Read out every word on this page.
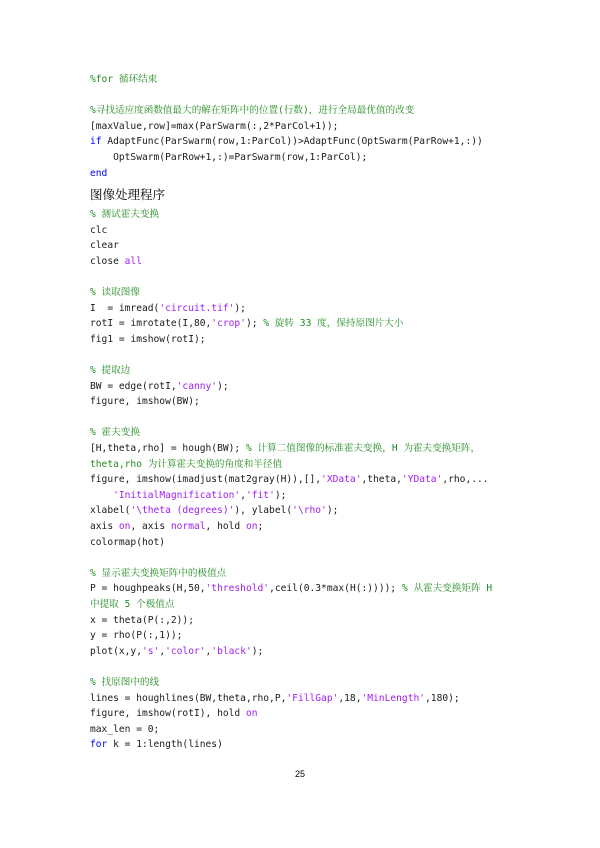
%for 循环结束
%寻找适应度函数值最大的解在矩阵中的位置(行数)，进行全局最优值的改变
[maxValue,row]=max(ParSwarm(:,2*ParCol+1));
if AdaptFunc(ParSwarm(row,1:ParCol))>AdaptFunc(OptSwarm(ParRow+1,:))
OptSwarm(ParRow+1,:)=ParSwarm(row,1:ParCol);
end
图像处理程序
% 测试霍夫变换
clc
clear
close all
% 读取图像
I  = imread('circuit.tif');
rotI = imrotate(I,80,'crop'); % 旋转 33 度，保持原图片大小
fig1 = imshow(rotI);
% 提取边
BW = edge(rotI,'canny');
figure, imshow(BW);
% 霍夫变换
[H,theta,rho] = hough(BW); % 计算二值图像的标准霍夫变换，H 为霍夫变换矩阵，
theta,rho 为计算霍夫变换的角度和半径值
figure, imshow(imadjust(mat2gray(H)),[],'XData',theta,'YData',rho,...
'InitialMagnification','fit');
xlabel('\theta (degrees)'), ylabel('\rho');
axis on, axis normal, hold on;
colormap(hot)
% 显示霍夫变换矩阵中的极值点
P = houghpeaks(H,50,'threshold',ceil(0.3*max(H(:)))); % 从霍夫变换矩阵 H
中提取 5 个极值点
x = theta(P(:,2));
y = rho(P(:,1));
plot(x,y,'s','color','black');
% 找原图中的线
lines = houghlines(BW,theta,rho,P,'FillGap',18,'MinLength',180);
figure, imshow(rotI), hold on
max_len = 0;
for k = 1:length(lines)
25
